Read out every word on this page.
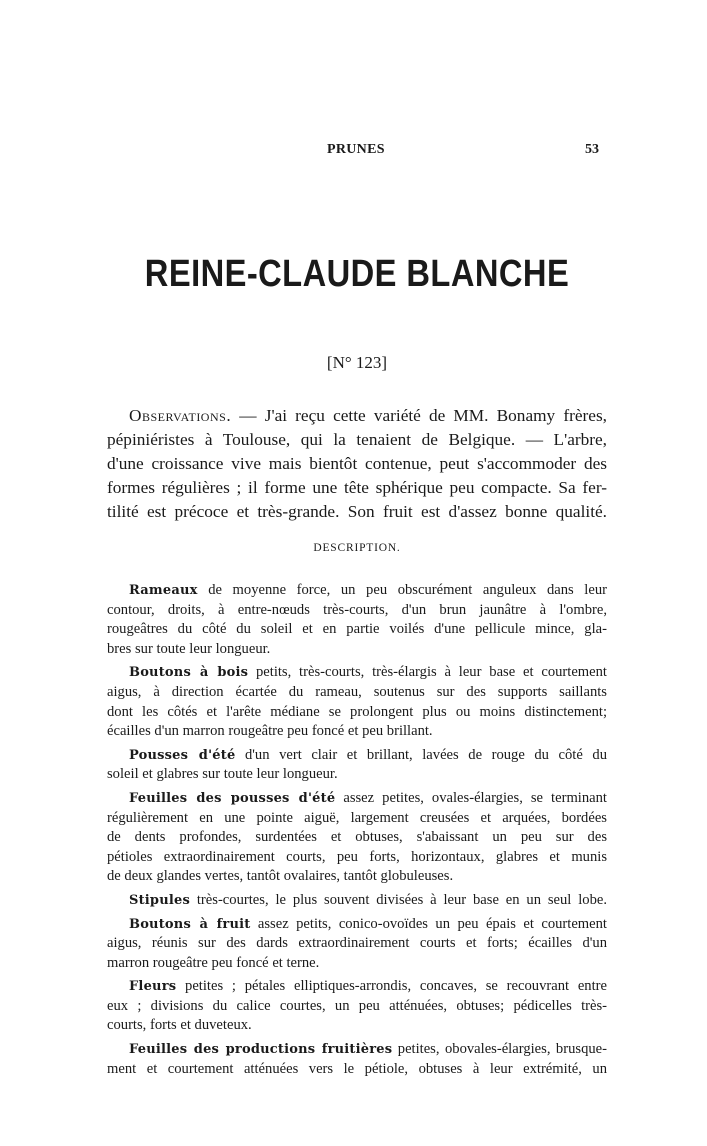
PRUNES	53
REINE-CLAUDE BLANCHE
[N° 123]
Observations. — J'ai reçu cette variété de MM. Bonamy frères,
pépiniéristes à Toulouse, qui la tenaient de Belgique. — L'arbre,
d'une croissance vive mais bientôt contenue, peut s'accommoder des
formes régulières ; il forme une tête sphérique peu compacte. Sa fer-
tilité est précoce et très-grande. Son fruit est d'assez bonne qualité.
DESCRIPTION.
Rameaux de moyenne force, un peu obscurément anguleux dans leur
contour, droits, à entre-nœuds très-courts, d'un brun jaunâtre à l'ombre,
rougeâtres du côté du soleil et en partie voilés d'une pellicule mince, gla-
bres sur toute leur longueur.
Boutons à bois petits, très-courts, très-élargis à leur base et courtement
aigus, à direction écartée du rameau, soutenus sur des supports saillants
dont les côtés et l'arête médiane se prolongent plus ou moins distinctement;
écailles d'un marron rougeâtre peu foncé et peu brillant.
Pousses d'été d'un vert clair et brillant, lavées de rouge du côté du
soleil et glabres sur toute leur longueur.
Feuilles des pousses d'été assez petites, ovales-élargies, se terminant
régulièrement en une pointe aiguë, largement creusées et arquées, bordées
de dents profondes, surdentées et obtuses, s'abaissant un peu sur des
pétioles extraordinairement courts, peu forts, horizontaux, glabres et munis
de deux glandes vertes, tantôt ovalaires, tantôt globuleuses.
Stipules très-courtes, le plus souvent divisées à leur base en un seul lobe.
Boutons à fruit assez petits, conico-ovoïdes un peu épais et courtement
aigus, réunis sur des dards extraordinairement courts et forts; écailles d'un
marron rougeâtre peu foncé et terne.
Fleurs petites ; pétales elliptiques-arrondis, concaves, se recouvrant entre
eux ; divisions du calice courtes, un peu atténuées, obtuses; pédicelles très-
courts, forts et duveteux.
Feuilles des productions fruitières petites, obovales-élargies, brusque-
ment et courtement atténuées vers le pétiole, obtuses à leur extrémité, un
